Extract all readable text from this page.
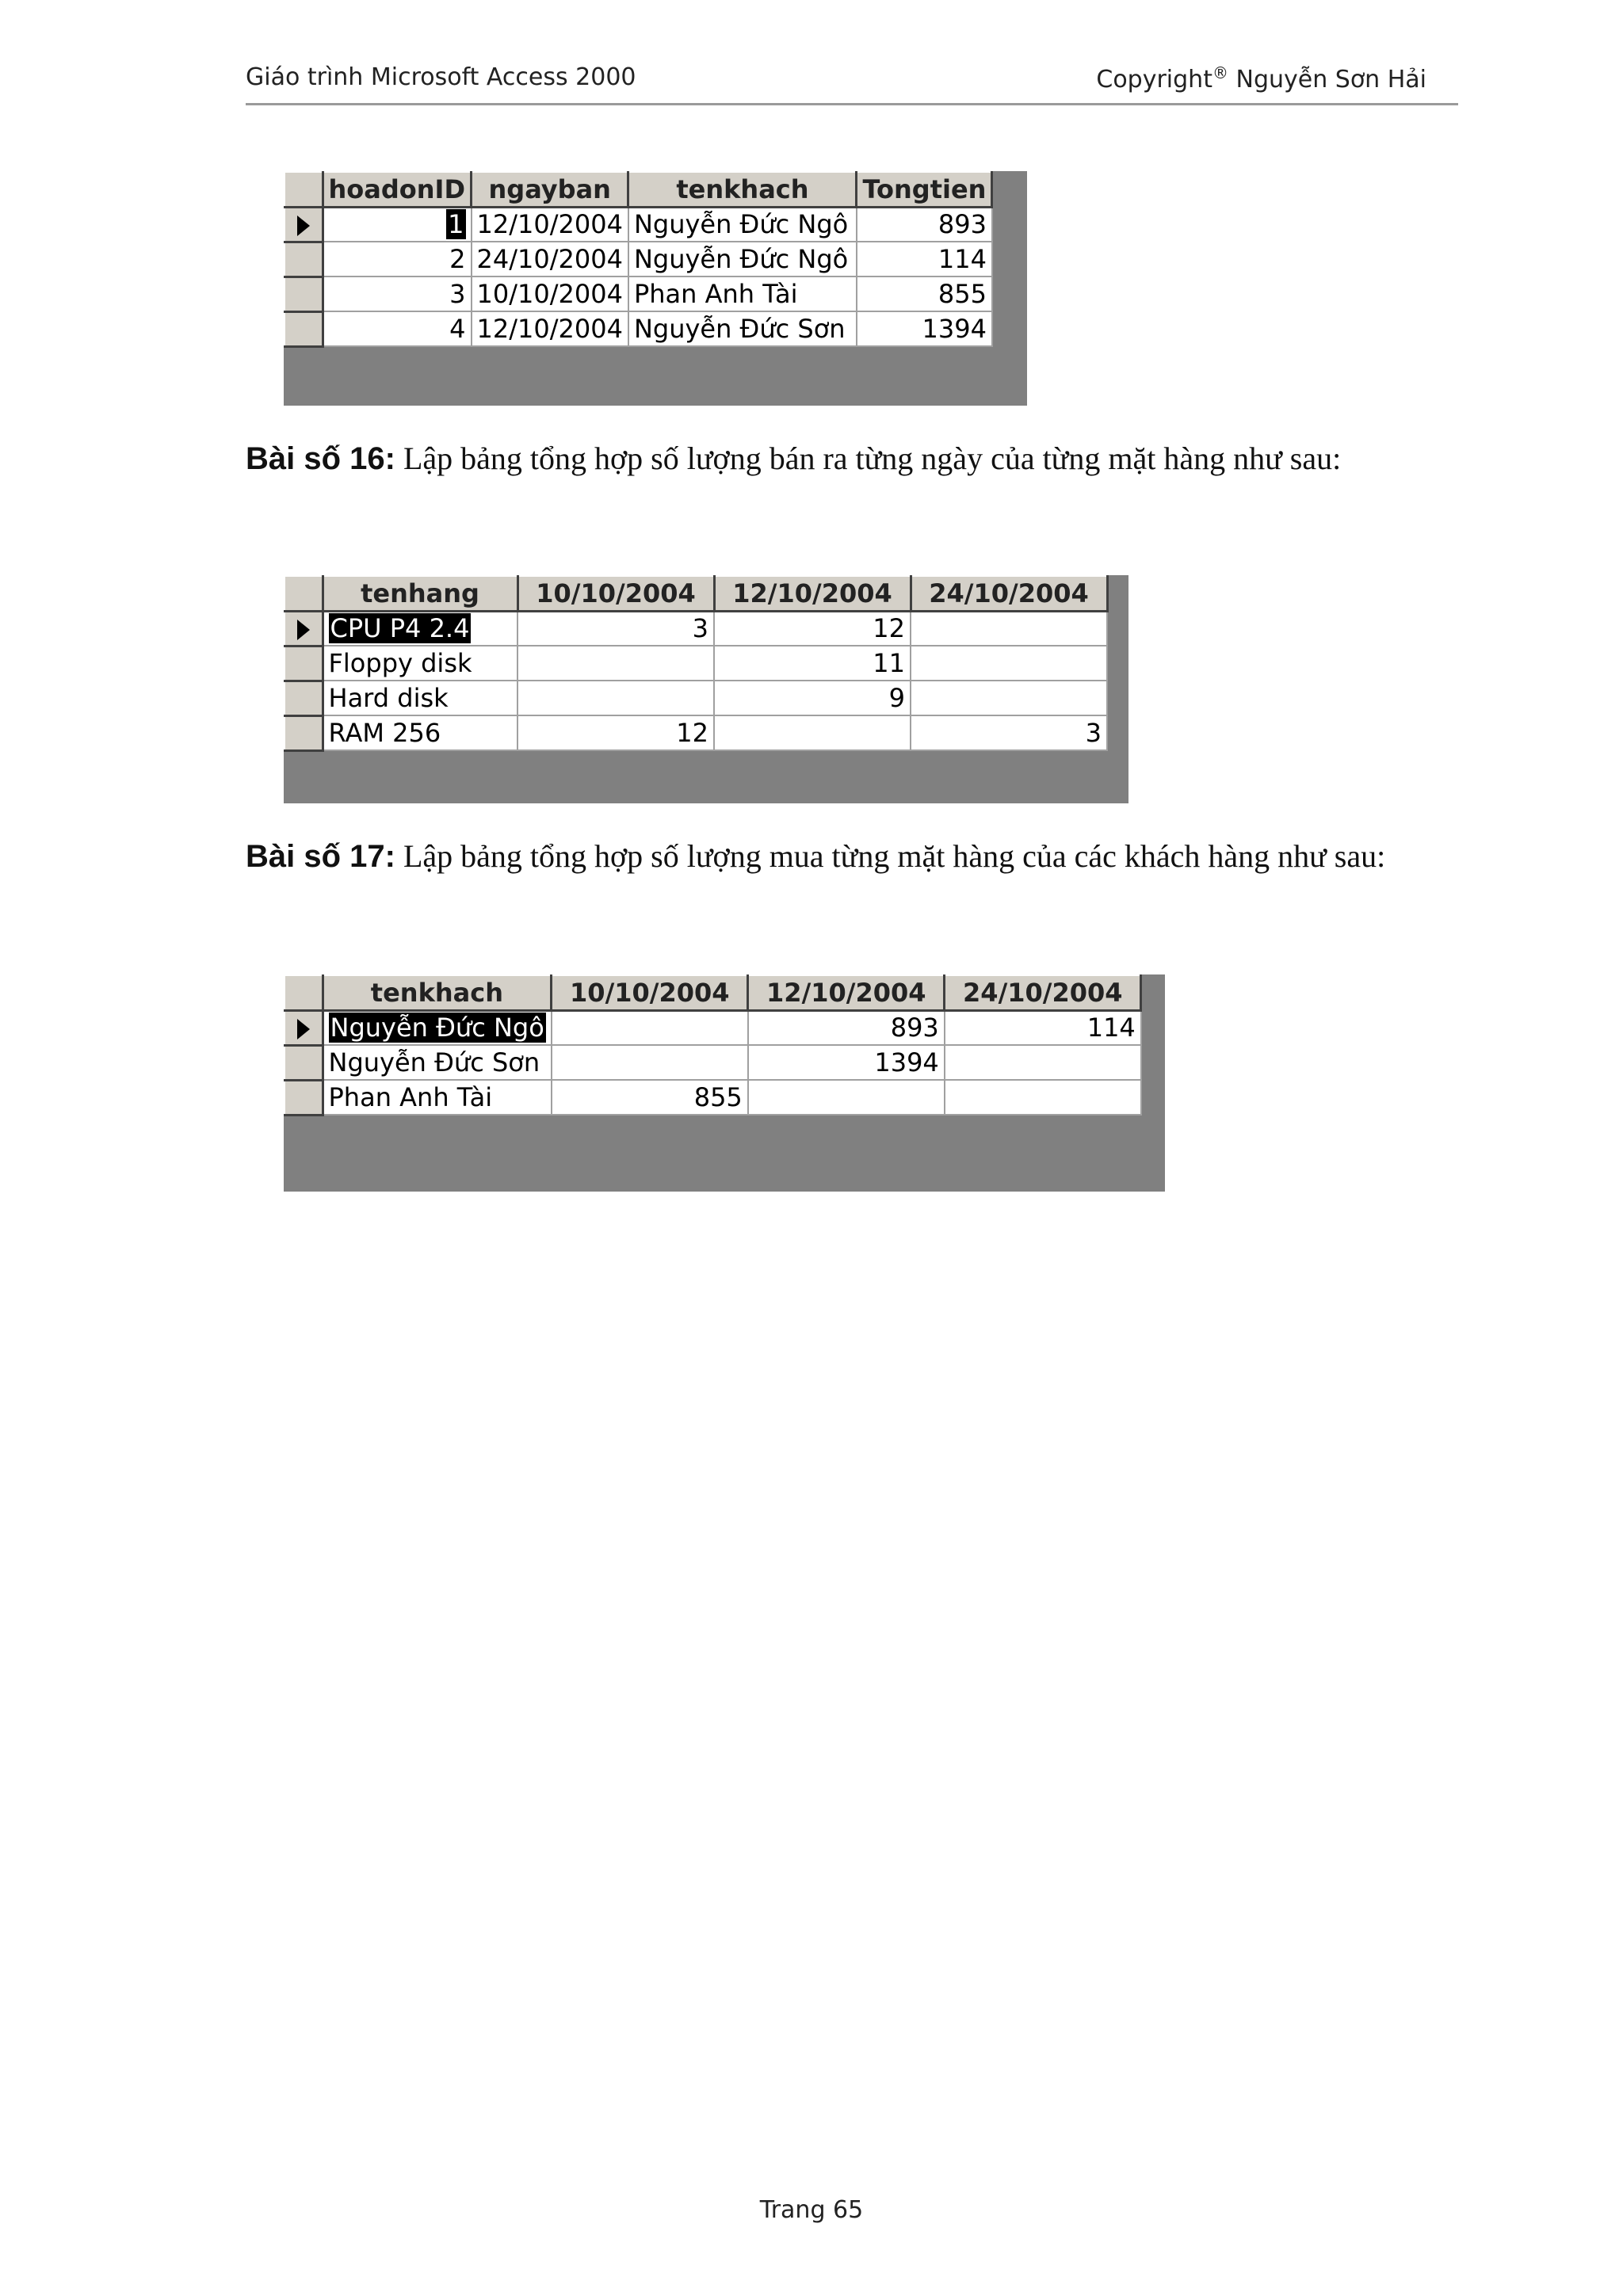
Giáo trình Microsoft Access 2000	Copyright® Nguyễn Sơn Hải
	hoadonID	ngayban	tenkhach	Tongtien
	1	12/10/2004	Nguyễn Đức Ngô	893
	2	24/10/2004	Nguyễn Đức Ngô	114
	3	10/10/2004	Phan Anh Tài	855
	4	12/10/2004	Nguyễn Đức Sơn	1394
Bài số 16: Lập bảng tổng hợp số lượng bán ra từng ngày của từng mặt hàng như sau:
	tenhang	10/10/2004	12/10/2004	24/10/2004
	CPU P4 2.4	3	12	
	Floppy disk		11	
	Hard disk		9	
	RAM 256	12		3
Bài số 17: Lập bảng tổng hợp số lượng mua từng mặt hàng của các khách hàng như sau:
	tenkhach	10/10/2004	12/10/2004	24/10/2004
	Nguyễn Đức Ngô		893	114
	Nguyễn Đức Sơn		1394	
	Phan Anh Tài	855		
Trang 65
